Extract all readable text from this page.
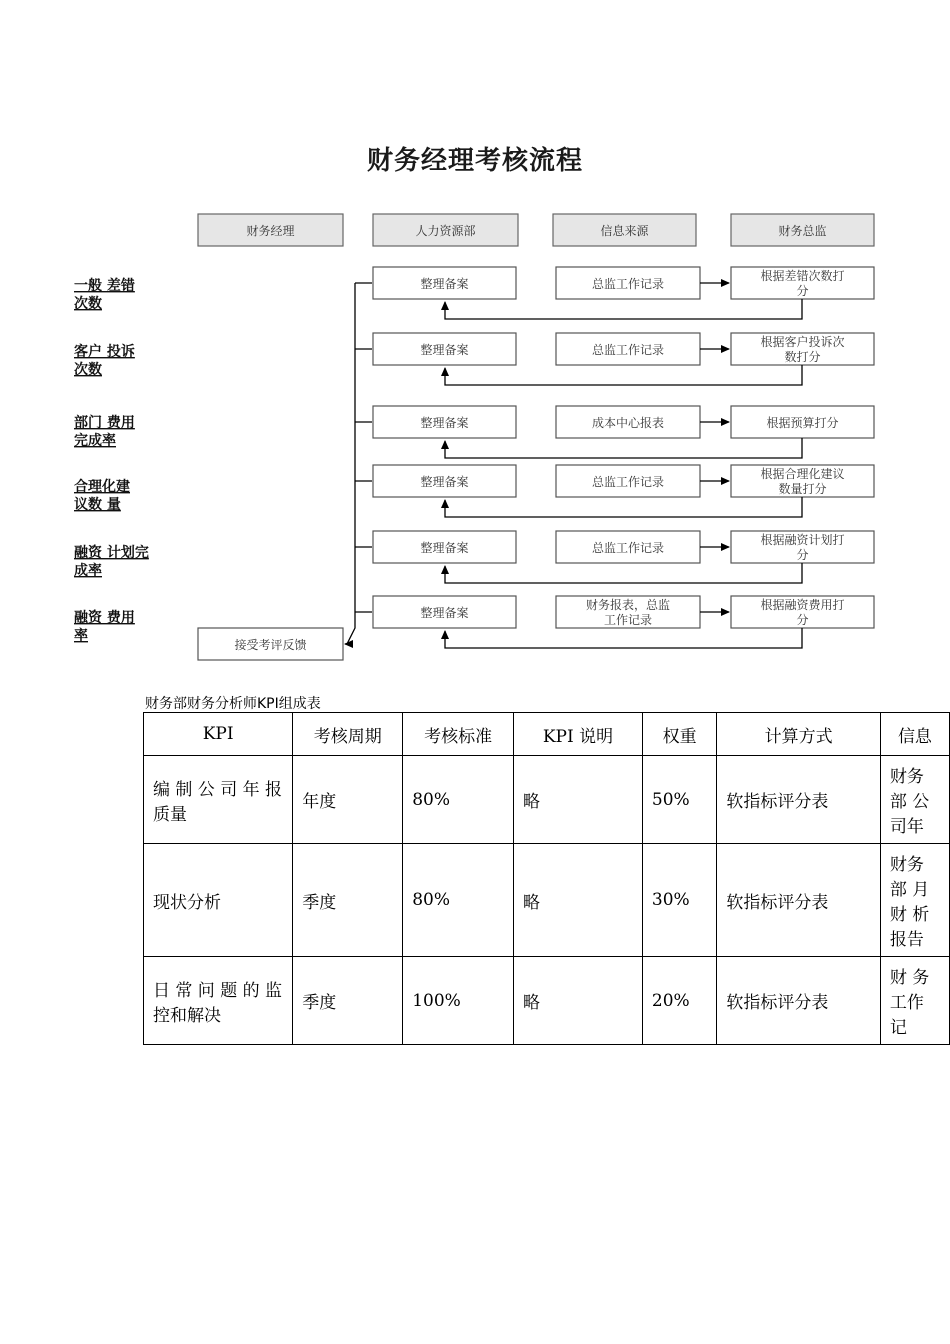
财务经理考核流程
财务经理	人力资源部	信息来源	财务总监
一般 差错
次数
整理备案	总监工作记录
根据差错次数打
分
客户 投诉
次数
整理备案	总监工作记录
根据客户投诉次
数打分
部门 费用
完成率
整理备案	成本中心报表	根据预算打分
合理化建
议数 量
整理备案	总监工作记录
根据合理化建议
数量打分
融资 计划完
成率
整理备案	总监工作记录
根据融资计划打
分
融资 费用
率
整理备案
财务报表，总监
工作记录
根据融资费用打
分
接受考评反馈
财务部财务分析师KPI组成表
KPI	考核周期	考核标准	KPI 说明	权重	计算方式	信息
编 制 公 司 年 报 质量	年度	80%	略	50%	软指标评分表	财务部 公司年
现状分析	季度	80%	略	30%	软指标评分表	财务部 月 财 析报告
日 常 问 题 的 监 控和解决	季度	100%	略	20%	软指标评分表	财 务 工作记
